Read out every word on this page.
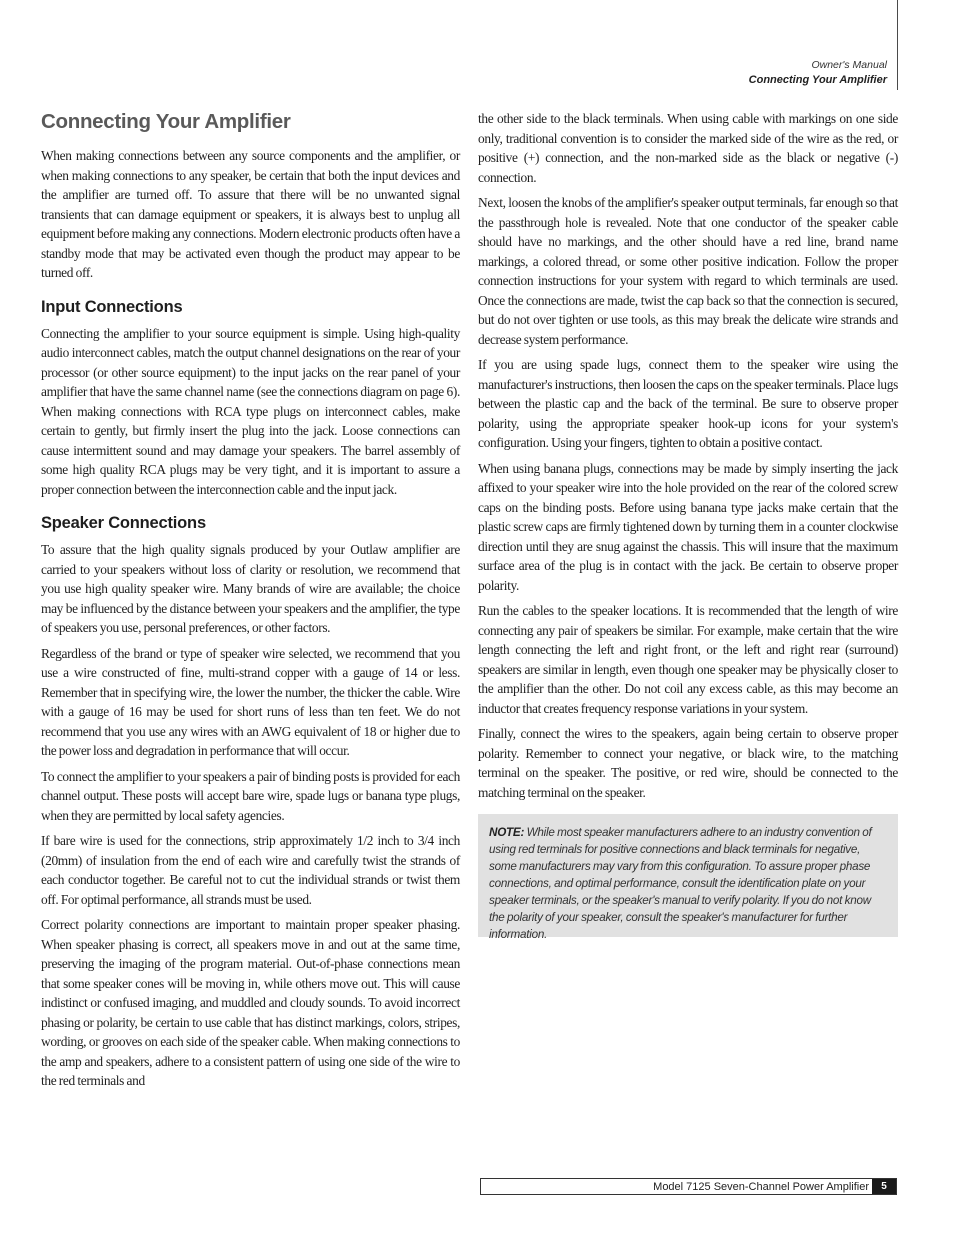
Owner's Manual
Connecting Your Amplifier
Connecting Your Amplifier

When making connections between any source components and the amplifier, or when making connections to any speaker, be certain that both the input devices and the amplifier are turned off. To assure that there will be no unwanted signal transients that can damage equipment or speakers, it is always best to unplug all equipment before making any connections. Modern electronic products often have a standby mode that may be activated even though the product may appear to be turned off.

Input Connections

Connecting the amplifier to your source equipment is simple. Using high-quality audio interconnect cables, match the output channel designations on the rear of your processor (or other source equipment) to the input jacks on the rear panel of your amplifier that have the same channel name (see the connections diagram on page 6). When making connections with RCA type plugs on interconnect cables, make certain to gently, but firmly insert the plug into the jack. Loose connections can cause intermittent sound and may damage your speakers. The barrel assembly of some high quality RCA plugs may be very tight, and it is important to assure a proper connection between the interconnection cable and the input jack.

Speaker Connections

To assure that the high quality signals produced by your Outlaw amplifier are carried to your speakers without loss of clarity or resolution, we recommend that you use high quality speaker wire. Many brands of wire are available; the choice may be influenced by the distance between your speakers and the amplifier, the type of speakers you use, personal preferences, or other factors.

Regardless of the brand or type of speaker wire selected, we recommend that you use a wire constructed of fine, multi-strand copper with a gauge of 14 or less. Remember that in specifying wire, the lower the number, the thicker the cable. Wire with a gauge of 16 may be used for short runs of less than ten feet. We do not recommend that you use any wires with an AWG equivalent of 18 or higher due to the power loss and degradation in performance that will occur.

To connect the amplifier to your speakers a pair of binding posts is provided for each channel output. These posts will accept bare wire, spade lugs or banana type plugs, when they are permitted by local safety agencies.

If bare wire is used for the connections, strip approximately 1/2 inch to 3/4 inch (20mm) of insulation from the end of each wire and carefully twist the strands of each conductor together. Be careful not to cut the individual strands or twist them off. For optimal performance, all strands must be used.

Correct polarity connections are important to maintain proper speaker phasing. When speaker phasing is correct, all speakers move in and out at the same time, preserving the imaging of the program material. Out-of-phase connections mean that some speaker cones will be moving in, while others move out. This will cause indistinct or confused imaging, and muddled and cloudy sounds. To avoid incorrect phasing or polarity, be certain to use cable that has distinct markings, colors, stripes, wording, or grooves on each side of the speaker cable. When making connections to the amp and speakers, adhere to a consistent pattern of using one side of the wire to the red terminals and

the other side to the black terminals. When using cable with markings on one side only, traditional convention is to consider the marked side of the wire as the red, or positive (+) connection, and the non-marked side as the black or negative (-) connection.

Next, loosen the knobs of the amplifier's speaker output terminals, far enough so that the passthrough hole is revealed. Note that one conductor of the speaker cable should have no markings, and the other should have a red line, brand name markings, a colored thread, or some other positive indication. Follow the proper connection instructions for your system with regard to which terminals are used. Once the connections are made, twist the cap back so that the connection is secured, but do not over tighten or use tools, as this may break the delicate wire strands and decrease system performance.

If you are using spade lugs, connect them to the speaker wire using the manufacturer's instructions, then loosen the caps on the speaker terminals. Place lugs between the plastic cap and the back of the terminal. Be sure to observe proper polarity, using the appropriate speaker hook-up icons for your system's configuration. Using your fingers, tighten to obtain a positive contact.

When using banana plugs, connections may be made by simply inserting the jack affixed to your speaker wire into the hole provided on the rear of the colored screw caps on the binding posts. Before using banana type jacks make certain that the plastic screw caps are firmly tightened down by turning them in a counter clockwise direction until they are snug against the chassis. This will insure that the maximum surface area of the plug is in contact with the jack. Be certain to observe proper polarity.

Run the cables to the speaker locations. It is recommended that the length of wire connecting any pair of speakers be similar. For example, make certain that the wire length connecting the left and right front, or the left and right rear (surround) speakers are similar in length, even though one speaker may be physically closer to the amplifier than the other. Do not coil any excess cable, as this may become an inductor that creates frequency response variations in your system.

Finally, connect the wires to the speakers, again being certain to observe proper polarity. Remember to connect your negative, or black wire, to the matching terminal on the speaker. The positive, or red wire, should be connected to the matching terminal on the speaker.

NOTE: While most speaker manufacturers adhere to an industry convention of using red terminals for positive connections and black terminals for negative, some manufacturers may vary from this configuration. To assure proper phase connections, and optimal performance, consult the identification plate on your speaker terminals, or the speaker's manual to verify polarity. If you do not know the polarity of your speaker, consult the speaker's manufacturer for further information.

Model 7125 Seven-Channel Power Amplifier	5
